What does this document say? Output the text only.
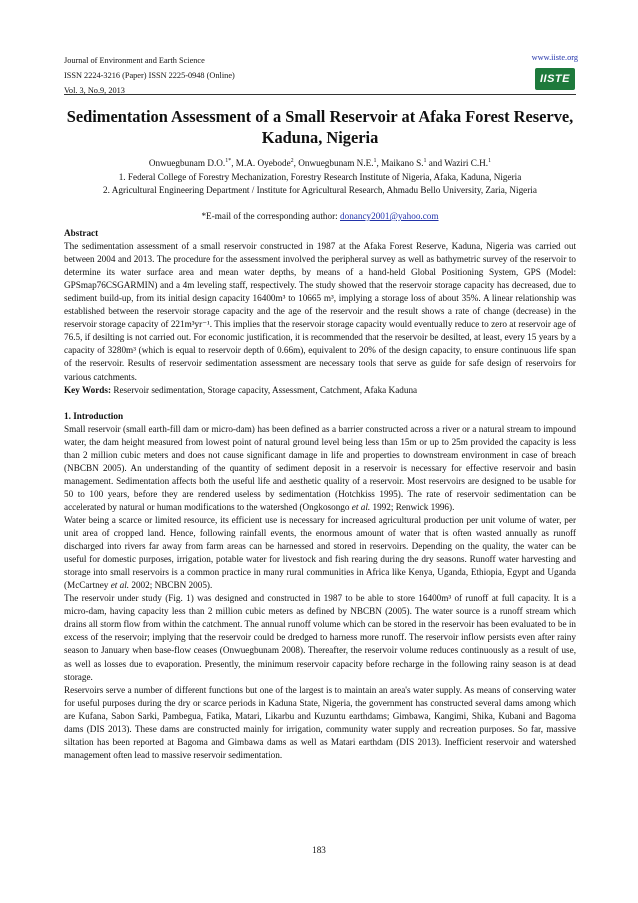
Journal of Environment and Earth Science
ISSN 2224-3216 (Paper) ISSN 2225-0948 (Online)
Vol. 3, No.9, 2013
www.iiste.org
IISTE
Sedimentation Assessment of a Small Reservoir at Afaka Forest Reserve, Kaduna, Nigeria
Onwuegbunam D.O.$^{1*}$, M.A. Oyebode$^2$, Onwuegbunam N.E.$^1$, Maikano S.$^1$ and Waziri C.H.$^1$
1. Federal College of Forestry Mechanization, Forestry Research Institute of Nigeria, Afaka, Kaduna, Nigeria
2. Agricultural Engineering Department / Institute for Agricultural Research, Ahmadu Bello University, Zaria, Nigeria
*E-mail of the corresponding author: donancy2001@yahoo.com

Abstract

The sedimentation assessment of a small reservoir constructed in 1987 at the Afaka Forest Reserve, Kaduna, Nigeria was carried out between 2004 and 2013. The procedure for the assessment involved the peripheral survey as well as bathymetric survey of the reservoir to determine its water surface area and mean water depths, by means of a hand-held Global Positioning System, GPS (Model: GPSmap76CSGARMIN) and a 4m leveling staff, respectively. The study showed that the reservoir storage capacity has decreased, due to sediment build-up, from its initial design capacity 16400m³ to 10665 m³, implying a storage loss of about 35%. A linear relationship was established between the reservoir storage capacity and the age of the reservoir and the result shows a rate of change (decrease) in the reservoir storage capacity of 221m³yr⁻¹. This implies that the reservoir storage capacity would eventually reduce to zero at reservoir age of 76.5, if desilting is not carried out. For economic justification, it is recommended that the reservoir be desilted, at least, every 15 years by a capacity of 3280m³ (which is equal to reservoir depth of 0.66m), equivalent to 20% of the design capacity, to ensure continuous life span of the reservoir. Results of reservoir sedimentation assessment are necessary tools that serve as guide for safe design of reservoirs for various catchments.

Key Words: Reservoir sedimentation, Storage capacity, Assessment, Catchment, Afaka Kaduna

1. Introduction

Small reservoir (small earth-fill dam or micro-dam) has been defined as a barrier constructed across a river or a natural stream to impound water, the dam height measured from lowest point of natural ground level being less than 15m or up to 25m provided the capacity is less than 2 million cubic meters and does not cause significant damage in life and properties to downstream environment in case of breach (NBCBN 2005). An understanding of the quantity of sediment deposit in a reservoir is necessary for effective reservoir and basin management. Sedimentation affects both the useful life and aesthetic quality of a reservoir. Most reservoirs are designed to be usable for 50 to 100 years, before they are rendered useless by sedimentation (Hotchkiss 1995). The rate of reservoir sedimentation can be accelerated by natural or human modifications to the watershed (Ongkosongo et al. 1992; Renwick 1996).

Water being a scarce or limited resource, its efficient use is necessary for increased agricultural production per unit volume of water, per unit area of cropped land. Hence, following rainfall events, the enormous amount of water that is often wasted annually as runoff discharged into rivers far away from farm areas can be harnessed and stored in reservoirs. Depending on the quality, the water can be useful for domestic purposes, irrigation, potable water for livestock and fish rearing during the dry seasons. Runoff water harvesting and storage into small reservoirs is a common practice in many rural communities in Africa like Kenya, Uganda, Ethiopia, Egypt and Uganda (McCartney et al. 2002; NBCBN 2005).

The reservoir under study (Fig. 1) was designed and constructed in 1987 to be able to store 16400m³ of runoff at full capacity. It is a micro-dam, having capacity less than 2 million cubic meters as defined by NBCBN (2005). The water source is a runoff stream which drains all storm flow from within the catchment. The annual runoff volume which can be stored in the reservoir has been evaluated to be in excess of the reservoir; implying that the reservoir could be dredged to harness more runoff. The reservoir inflow persists even after rainy season to January when base-flow ceases (Onwuegbunam 2008). Thereafter, the reservoir volume reduces continuously as a result of use, as well as losses due to evaporation. Presently, the minimum reservoir capacity before recharge in the following rainy season is at dead storage.

Reservoirs serve a number of different functions but one of the largest is to maintain an area's water supply. As means of conserving water for useful purposes during the dry or scarce periods in Kaduna State, Nigeria, the government has constructed several dams among which are Kufana, Sabon Sarki, Pambegua, Fatika, Matari, Likarbu and Kuzuntu earthdams; Gimbawa, Kangimi, Shika, Kubani and Bagoma dams (DIS 2013). These dams are constructed mainly for irrigation, community water supply and recreation purposes. So far, massive siltation has been reported at Bagoma and Gimbawa dams as well as Matari earthdam (DIS 2013). Inefficient reservoir and watershed management often lead to massive reservoir sedimentation.

183
